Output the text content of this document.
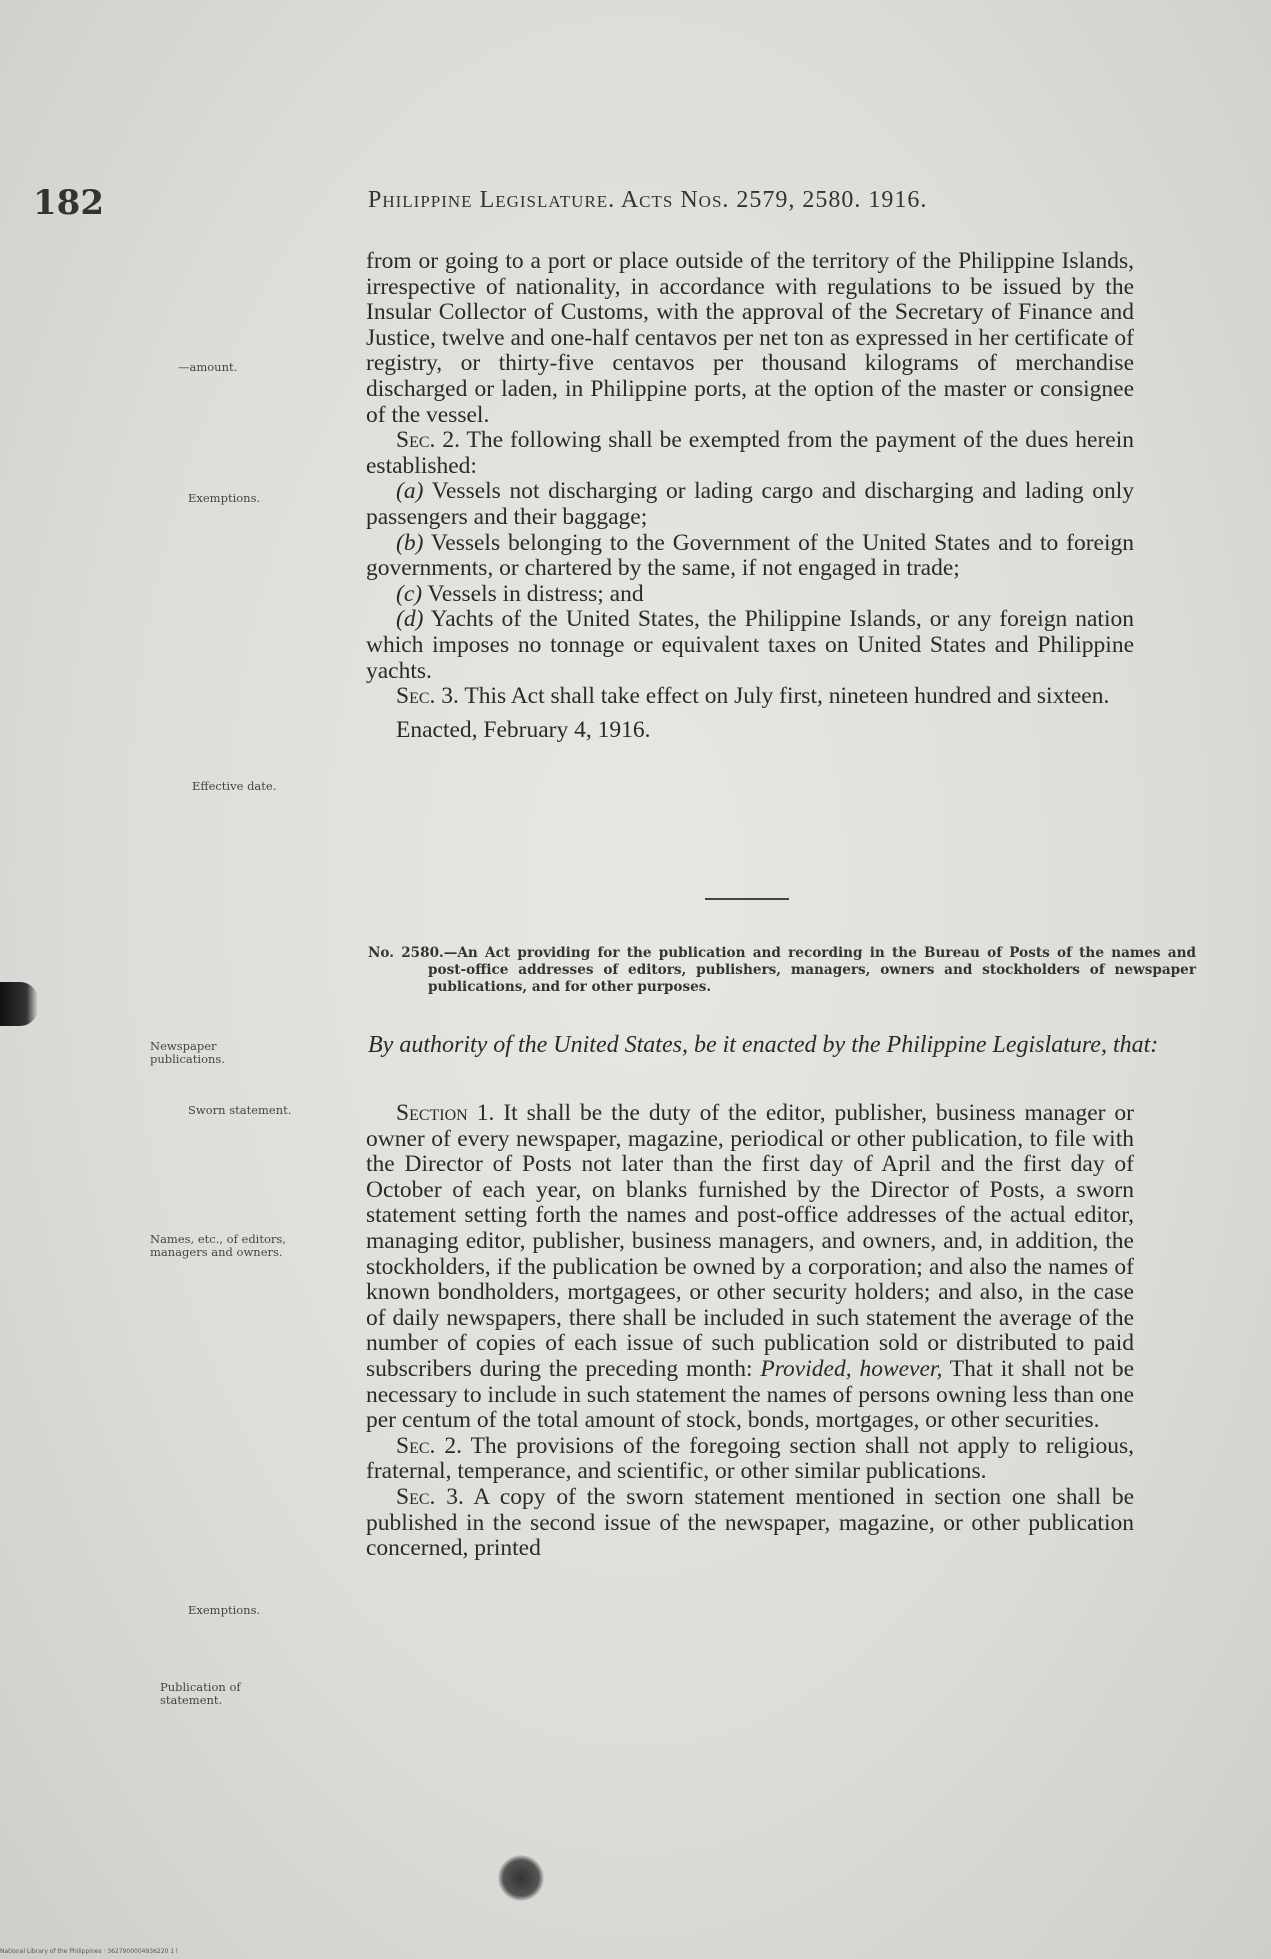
182	Philippine Legislature. Acts Nos. 2579, 2580. 1916.

from or going to a port or place outside of the territory of the Philippine Islands, irrespective of nationality, in accordance with regulations to be issued by the Insular Collector of Customs, with the approval of the Secretary of Finance and Justice, twelve and one-half centavos per net ton as expressed in her certificate of registry, or thirty-five centavos per thousand kilograms of merchandise discharged or laden, in Philippine ports, at the option of the master or consignee of the vessel.

Sec. 2. The following shall be exempted from the payment of the dues herein established:

(a) Vessels not discharging or lading cargo and discharging and lading only passengers and their baggage;

(b) Vessels belonging to the Government of the United States and to foreign governments, or chartered by the same, if not engaged in trade;

(c) Vessels in distress; and

(d) Yachts of the United States, the Philippine Islands, or any foreign nation which imposes no tonnage or equivalent taxes on United States and Philippine yachts.

Sec. 3. This Act shall take effect on July first, nineteen hundred and sixteen.

Enacted, February 4, 1916.

—amount.
Exemptions.
Effective date.
Newspaper publications.
Sworn statement.
Names, etc., of editors, managers and owners.
Exemptions.
Publication of statement.
No. 2580.—An Act providing for the publication and recording in the Bureau of Posts of the names and post-office addresses of editors, publishers, managers, owners and stockholders of newspaper publications, and for other purposes.
By authority of the United States, be it enacted by the Philippine Legislature, that:

Section 1. It shall be the duty of the editor, publisher, business manager or owner of every newspaper, magazine, periodical or other publication, to file with the Director of Posts not later than the first day of April and the first day of October of each year, on blanks furnished by the Director of Posts, a sworn statement setting forth the names and post-office addresses of the actual editor, managing editor, publisher, business managers, and owners, and, in addition, the stockholders, if the publication be owned by a corporation; and also the names of known bondholders, mortgagees, or other security holders; and also, in the case of daily newspapers, there shall be included in such statement the average of the number of copies of each issue of such publication sold or distributed to paid subscribers during the preceding month: Provided, however, That it shall not be necessary to include in such statement the names of persons owning less than one per centum of the total amount of stock, bonds, mortgages, or other securities.

Sec. 2. The provisions of the foregoing section shall not apply to religious, fraternal, temperance, and scientific, or other similar publications.

Sec. 3. A copy of the sworn statement mentioned in section one shall be published in the second issue of the newspaper, magazine, or other publication concerned, printed

National Library of the Philippines · 3627900004936220 1 l
